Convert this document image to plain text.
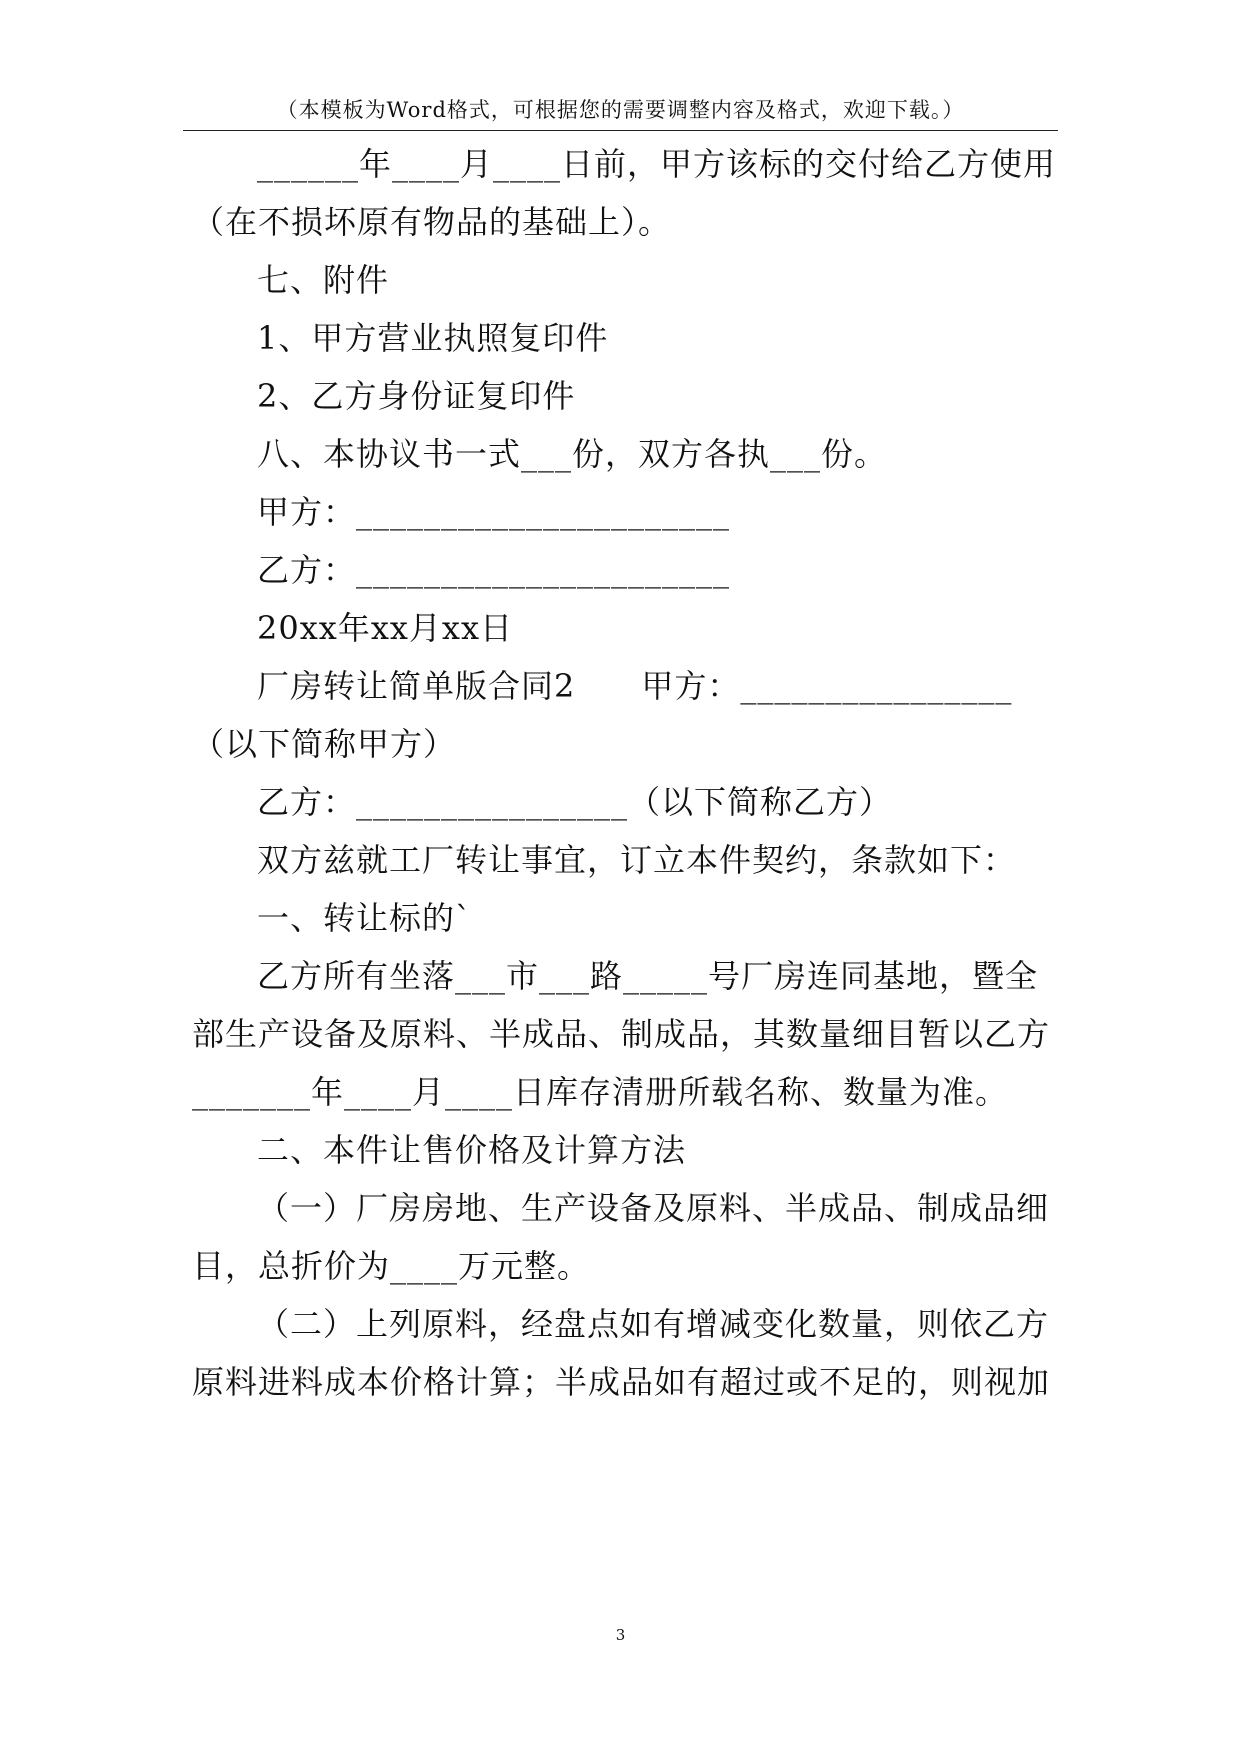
（本模板为Word格式，可根据您的需要调整内容及格式，欢迎下载。）
______年____月____日前，甲方该标的交付给乙方使用
（在不损坏原有物品的基础上）。
七、附件
1、甲方营业执照复印件
2、乙方身份证复印件
八、本协议书一式___份，双方各执___份。
甲方：______________________
乙方：______________________
20xx年xx月xx日
厂房转让简单版合同2　　甲方：________________
（以下简称甲方）
乙方：________________（以下简称乙方）
双方兹就工厂转让事宜，订立本件契约，条款如下：
一、转让标的`
乙方所有坐落___市___路_____号厂房连同基地，暨全
部生产设备及原料、半成品、制成品，其数量细目暂以乙方
_______年____月____日库存清册所载名称、数量为准。
二、本件让售价格及计算方法
（一）厂房房地、生产设备及原料、半成品、制成品细
目，总折价为____万元整。
（二）上列原料，经盘点如有增减变化数量，则依乙方
原料进料成本价格计算；半成品如有超过或不足的，则视加
3
